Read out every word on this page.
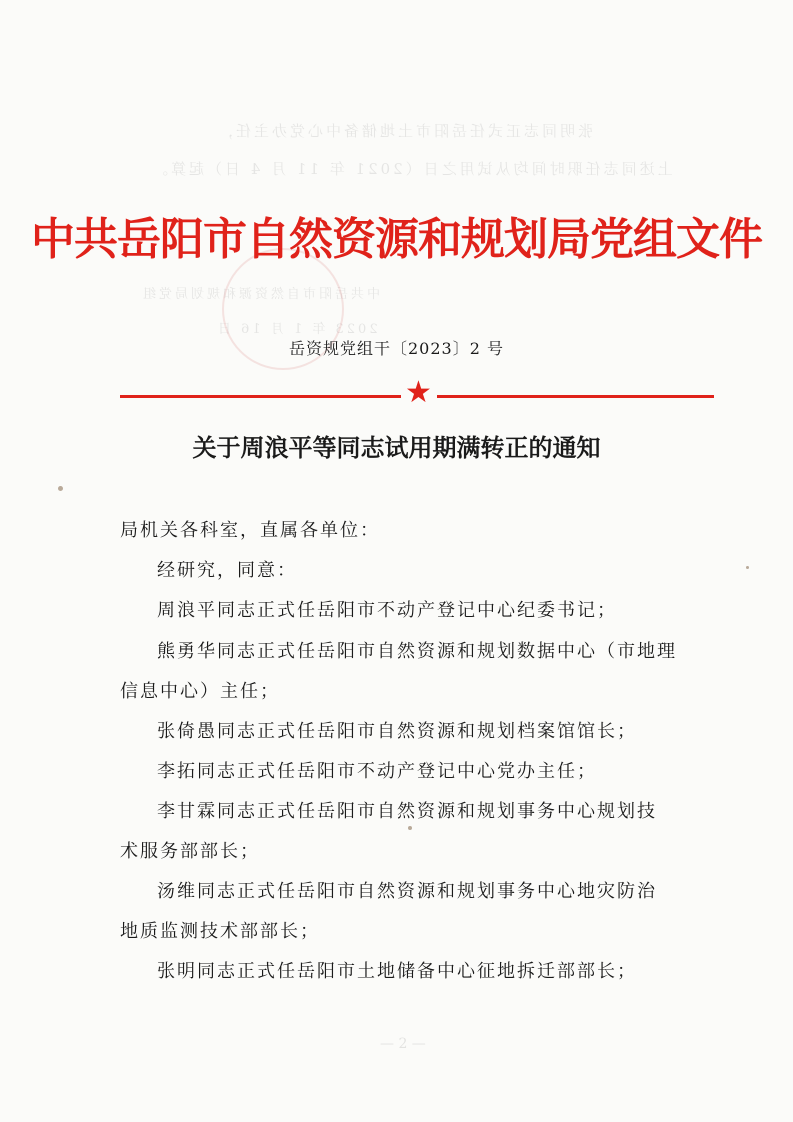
张明同志正式任岳阳市土地储备中心党办主任，
上述同志任职时间均从试用之日（2021 年 11 月 4 日）起算。
中共岳阳市自然资源和规划局党组
2023 年 1 月 16 日
中共岳阳市自然资源和规划局党组文件
岳资规党组干〔2023〕2 号
★
关于周浪平等同志试用期满转正的通知
局机关各科室，直属各单位：
经研究，同意：
周浪平同志正式任岳阳市不动产登记中心纪委书记；
熊勇华同志正式任岳阳市自然资源和规划数据中心（市地理
信息中心）主任；
张倚愚同志正式任岳阳市自然资源和规划档案馆馆长；
李拓同志正式任岳阳市不动产登记中心党办主任；
李甘霖同志正式任岳阳市自然资源和规划事务中心规划技
术服务部部长；
汤维同志正式任岳阳市自然资源和规划事务中心地灾防治
地质监测技术部部长；
张明同志正式任岳阳市土地储备中心征地拆迁部部长；
— 2 —
